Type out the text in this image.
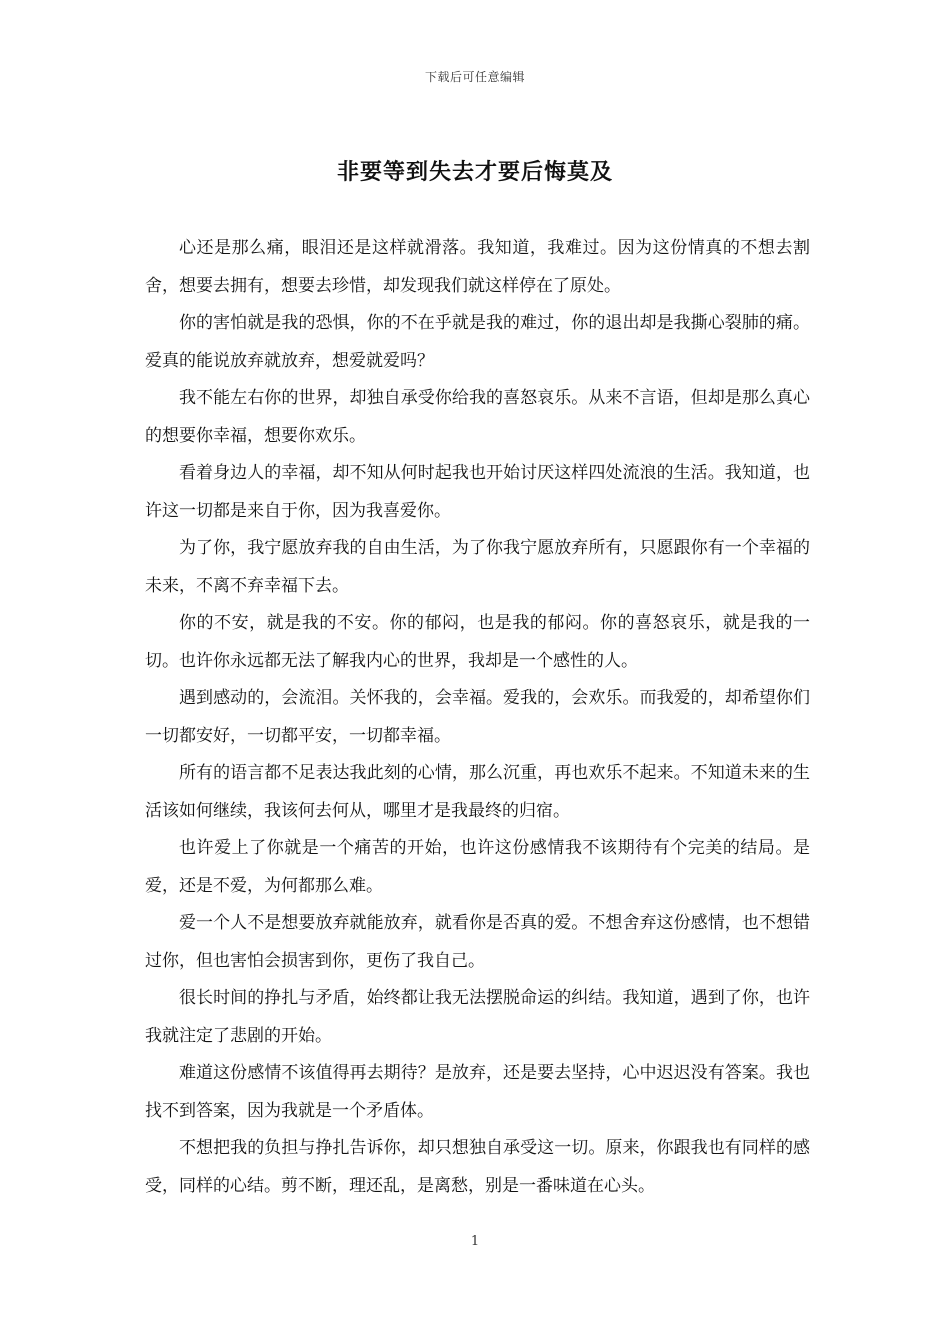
下载后可任意编辑
非要等到失去才要后悔莫及

心还是那么痛，眼泪还是这样就滑落。我知道，我难过。因为这份情真的不想去割舍，想要去拥有，想要去珍惜，却发现我们就这样停在了原处。

你的害怕就是我的恐惧，你的不在乎就是我的难过，你的退出却是我撕心裂肺的痛。爱真的能说放弃就放弃，想爱就爱吗？

我不能左右你的世界，却独自承受你给我的喜怒哀乐。从来不言语，但却是那么真心的想要你幸福，想要你欢乐。

看着身边人的幸福，却不知从何时起我也开始讨厌这样四处流浪的生活。我知道，也许这一切都是来自于你，因为我喜爱你。

为了你，我宁愿放弃我的自由生活，为了你我宁愿放弃所有，只愿跟你有一个幸福的未来，不离不弃幸福下去。

你的不安，就是我的不安。你的郁闷，也是我的郁闷。你的喜怒哀乐，就是我的一切。也许你永远都无法了解我内心的世界，我却是一个感性的人。

遇到感动的，会流泪。关怀我的，会幸福。爱我的，会欢乐。而我爱的，却希望你们一切都安好，一切都平安，一切都幸福。

所有的语言都不足表达我此刻的心情，那么沉重，再也欢乐不起来。不知道未来的生活该如何继续，我该何去何从，哪里才是我最终的归宿。

也许爱上了你就是一个痛苦的开始，也许这份感情我不该期待有个完美的结局。是爱，还是不爱，为何都那么难。

爱一个人不是想要放弃就能放弃，就看你是否真的爱。不想舍弃这份感情，也不想错过你，但也害怕会损害到你，更伤了我自己。

很长时间的挣扎与矛盾，始终都让我无法摆脱命运的纠结。我知道，遇到了你，也许我就注定了悲剧的开始。

难道这份感情不该值得再去期待？是放弃，还是要去坚持，心中迟迟没有答案。我也找不到答案，因为我就是一个矛盾体。

不想把我的负担与挣扎告诉你，却只想独自承受这一切。原来，你跟我也有同样的感受，同样的心结。剪不断，理还乱，是离愁，别是一番味道在心头。

1
